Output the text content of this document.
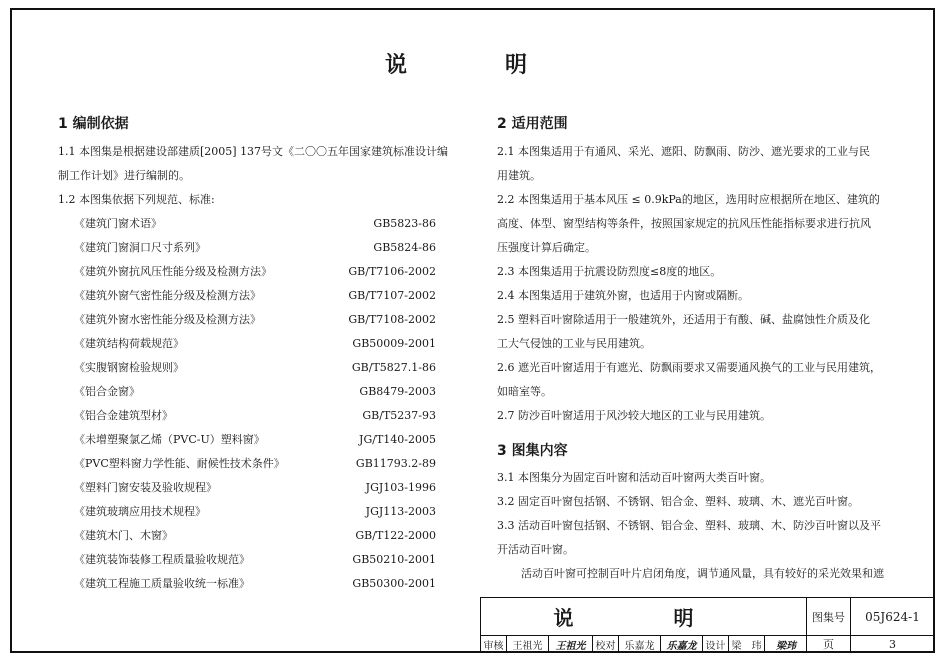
说　明
1 编制依据

1.1 本图集是根据建设部建质[2005] 137号文《二〇〇五年国家建筑标准设计编

制工作计划》进行编制的。

1.2 本图集依据下列规范、标准:

《建筑门窗术语》	GB5823-86
《建筑门窗洞口尺寸系列》	GB5824-86
《建筑外窗抗风压性能分级及检测方法》	GB/T7106-2002
《建筑外窗气密性能分级及检测方法》	GB/T7107-2002
《建筑外窗水密性能分级及检测方法》	GB/T7108-2002
《建筑结构荷载规范》	GB50009-2001
《实腹钢窗检验规则》	GB/T5827.1-86
《铝合金窗》	GB8479-2003
《铝合金建筑型材》	GB/T5237-93
《未增塑聚氯乙烯（PVC-U）塑料窗》	JG/T140-2005
《PVC塑料窗力学性能、耐候性技术条件》	GB11793.2-89
《塑料门窗安装及验收规程》	JGJ103-1996
《建筑玻璃应用技术规程》	JGJ113-2003
《建筑木门、木窗》	GB/T122-2000
《建筑装饰装修工程质量验收规范》	GB50210-2001
《建筑工程施工质量验收统一标准》	GB50300-2001
2 适用范围

2.1 本图集适用于有通风、采光、遮阳、防飘雨、防沙、遮光要求的工业与民

用建筑。

2.2 本图集适用于基本风压 ≤ 0.9kPa的地区，选用时应根据所在地区、建筑的

高度、体型、窗型结构等条件，按照国家规定的抗风压性能指标要求进行抗风

压强度计算后确定。

2.3 本图集适用于抗震设防烈度≤8度的地区。

2.4 本图集适用于建筑外窗，也适用于内窗或隔断。

2.5 塑料百叶窗除适用于一般建筑外，还适用于有酸、碱、盐腐蚀性介质及化

工大气侵蚀的工业与民用建筑。

2.6 遮光百叶窗适用于有遮光、防飘雨要求又需要通风换气的工业与民用建筑，

如暗室等。

2.7 防沙百叶窗适用于风沙较大地区的工业与民用建筑。

3 图集内容

3.1 本图集分为固定百叶窗和活动百叶窗两大类百叶窗。

3.2 固定百叶窗包括钢、不锈钢、铝合金、塑料、玻璃、木、遮光百叶窗。

3.3 活动百叶窗包括钢、不锈钢、铝合金、塑料、玻璃、木、防沙百叶窗以及平

开活动百叶窗。

活动百叶窗可控制百叶片启闭角度，调节通风量，具有较好的采光效果和遮

说　明	图集号	05J624-1
审核 王祖光	王祖光	校对 乐嘉龙	乐嘉龙 设计 梁　玮	梁玮	页	3
